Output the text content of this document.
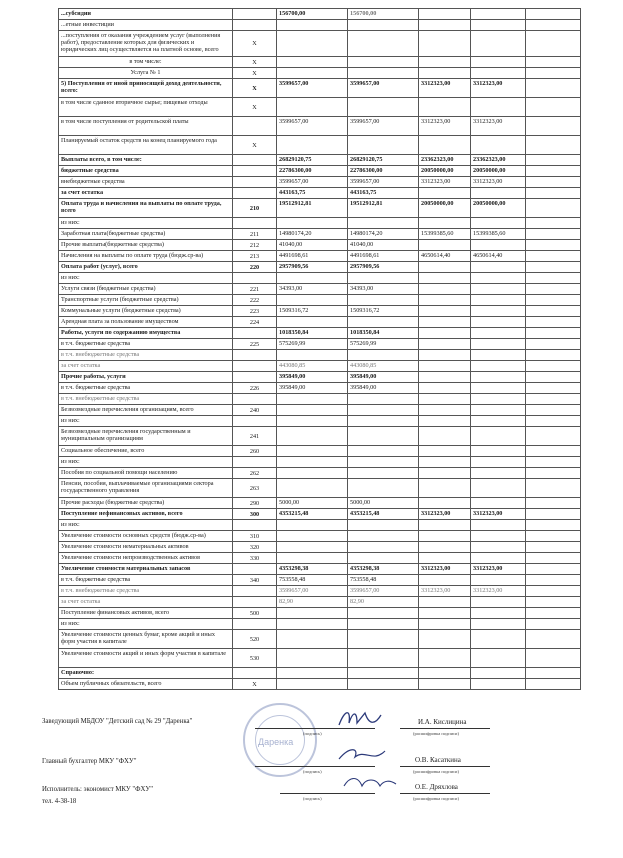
...субсидии		156700,00	156700,00			
...етные инвестиции						
...поступления от оказания учреждением услуг (выполнения работ), предоставление которых для физических и юридических лиц осуществляется на платной основе, всего	X					
в том числе:	X					
Услуга № 1	X					
5) Поступления от иной приносящей доход деятельности, всего:	X	3599657,00	3599657,00	3312323,00	3312323,00	
в том числе сданное вторичное сырье; пищевые отходы	X					
в том числе поступления от родительской платы		3599657,00	3599657,00	3312323,00	3312323,00	
Планируемый остаток средств на конец планируемого года	X					
Выплаты всего, в том числе:		26829120,75	26829120,75	23362323,00	23362323,00	
бюджетные средства		22786300,00	22786300,00	20050000,00	20050000,00	
внебюджетные средства		3599657,00	3599657,00	3312323,00	3312323,00	
за счет остатка		443163,75	443163,75			
Оплата труда и начисления на выплаты по оплате труда, всего	210	19512912,81	19512912,81	20050000,00	20050000,00	
из них:						
Заработная плата(бюджетные средства)	211	14980174,20	14980174,20	15399385,60	15399385,60	
Прочие выплаты(бюджетные средства)	212	41040,00	41040,00			
Начисления на выплаты по оплате труда (бюдж.ср-ва)	213	4491698,61	4491698,61	4650614,40	4650614,40	
Оплата работ (услуг), всего	220	2957909,56	2957909,56			
из них:						
Услуги связи (бюджетные средства)	221	34393,00	34393,00			
Транспортные услуги (бюджетные средства)	222					
Коммунальные услуги (бюджетные средства)	223	1509316,72	1509316,72			
Арендная плата за пользование имуществом	224					
Работы, услуги по содержанию имущества		1018350,84	1018350,84			
в т.ч. бюджетные средства	225	575269,99	575269,99			
в т.ч. внебюджетные средства						
за счет остатка		443080,85	443080,85			
Прочие работы, услуги		395849,00	395849,00			
в т.ч. бюджетные средства	226	395849,00	395849,00			
в т.ч. внебюджетные средства						
Безвозмездные перечисления организациям, всего	240					
из них:						
Безвозмездные перечисления государственным и муниципальным организациям	241					
Социальное обеспечение, всего	260					
из них:						
Пособия по социальной помощи населению	262					
Пенсии, пособия, выплачиваемые организациями сектора государственного управления	263					
Прочие расходы (бюджетные средства)	290	5000,00	5000,00			
Поступление нефинансовых активов, всего	300	4353215,48	4353215,48	3312323,00	3312323,00	
из них:						
Увеличение стоимости основных средств (бюдж.ср-ва)	310					
Увеличение стоимости нематериальных активов	320					
Увеличение стоимости непроизводственных активов	330					
Увеличение стоимости материальных запасов		4353298,38	4353298,38	3312323,00	3312323,00	
в т.ч. бюджетные средства	340	753558,48	753558,48			
в т.ч. внебюджетные средства		3599657,00	3599657,00	3312323,00	3312323,00	
за счет остатка		82,90	82,90			
Поступление финансовых активов, всего	500					
из них:						
Увеличение стоимости ценных бумаг, кроме акций и иных форм участия в капитале	520					
Увеличение стоимости акций и иных форм участия в капитале	530					
Справочно:						
Объем публичных обязательств, всего	X					
Даренка
Заведующий МБДОУ "Детский сад № 29 "Даренка"
(подпись)
И.А. Кислицина
(расшифровка подписи)
Главный бухгалтер МКУ "ФХУ"
(подпись)
О.В. Касаткина
(расшифровка подписи)
Исполнитель: экономист МКУ "ФХУ"
тел. 4-38-18	(подпись)
О.Е. Дряхлова
(расшифровка подписи)
